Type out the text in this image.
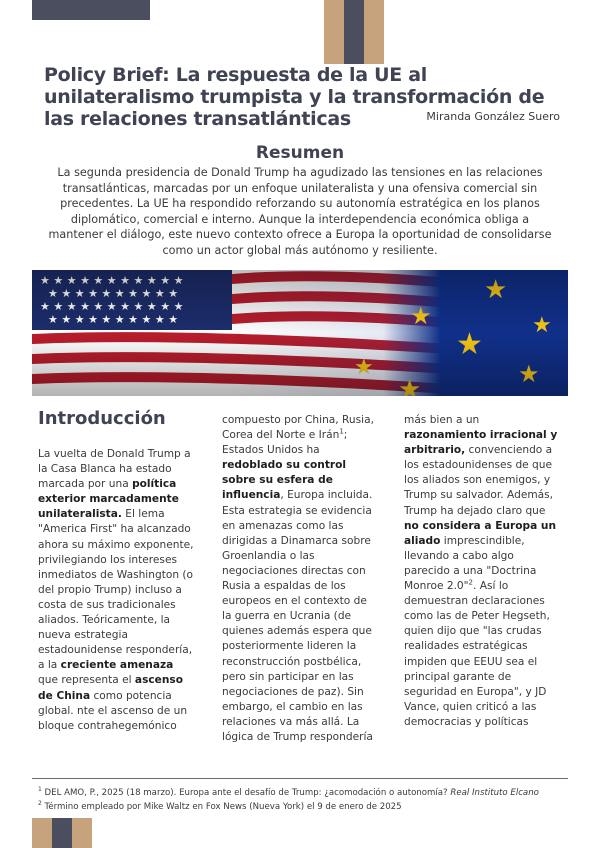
Policy Brief: La respuesta de la UE al unilateralismo trumpista y la transformación de las relaciones transatlánticas	Miranda González Suero

Resumen

La segunda presidencia de Donald Trump ha agudizado las tensiones en las relaciones transatlánticas, marcadas por un enfoque unilateralista y una ofensiva comercial sin precedentes. La UE ha respondido reforzando su autonomía estratégica en los planos diplomático, comercial e interno. Aunque la interdependencia económica obliga a mantener el diálogo, este nuevo contexto ofrece a Europa la oportunidad de consolidarse como un actor global más autónomo y resiliente.

Introducción

La vuelta de Donald Trump a la Casa Blanca ha estado marcada por una política exterior marcadamente unilateralista. El lema "America First" ha alcanzado ahora su máximo exponente, privilegiando los intereses inmediatos de Washington (o del propio Trump) incluso a costa de sus tradicionales aliados. Teóricamente, la nueva estrategia estadounidense respondería, a la creciente amenaza que representa el ascenso de China como potencia global. nte el ascenso de un bloque contrahegemónico

compuesto por China, Rusia, Corea del Norte e Irán$^1$; Estados Unidos ha redoblado su control sobre su esfera de influencia, Europa incluida. Esta estrategia se evidencia en amenazas como las dirigidas a Dinamarca sobre Groenlandia o las negociaciones directas con Rusia a espaldas de los europeos en el contexto de la guerra en Ucrania (de quienes además espera que posteriormente lideren la reconstrucción postbélica, pero sin participar en las negociaciones de paz). Sin embargo, el cambio en las relaciones va más allá. La lógica de Trump respondería

más bien a un razonamiento irracional y arbitrario, convenciendo a los estadounidenses de que los aliados son enemigos, y Trump su salvador. Además, Trump ha dejado claro que no considera a Europa un aliado imprescindible, llevando a cabo algo parecido a una "Doctrina Monroe 2.0"$^2$. Así lo demuestran declaraciones como las de Peter Hegseth, quien dijo que "las crudas realidades estratégicas impiden que EEUU sea el principal garante de seguridad en Europa", y JD Vance, quien criticó a las democracias y políticas

$^1$ DEL AMO, P., 2025 (18 marzo). Europa ante el desafío de Trump: ¿acomodación o autonomía? Real Instituto Elcano

$^2$ Término empleado por Mike Waltz en Fox News (Nueva York) el 9 de enero de 2025
